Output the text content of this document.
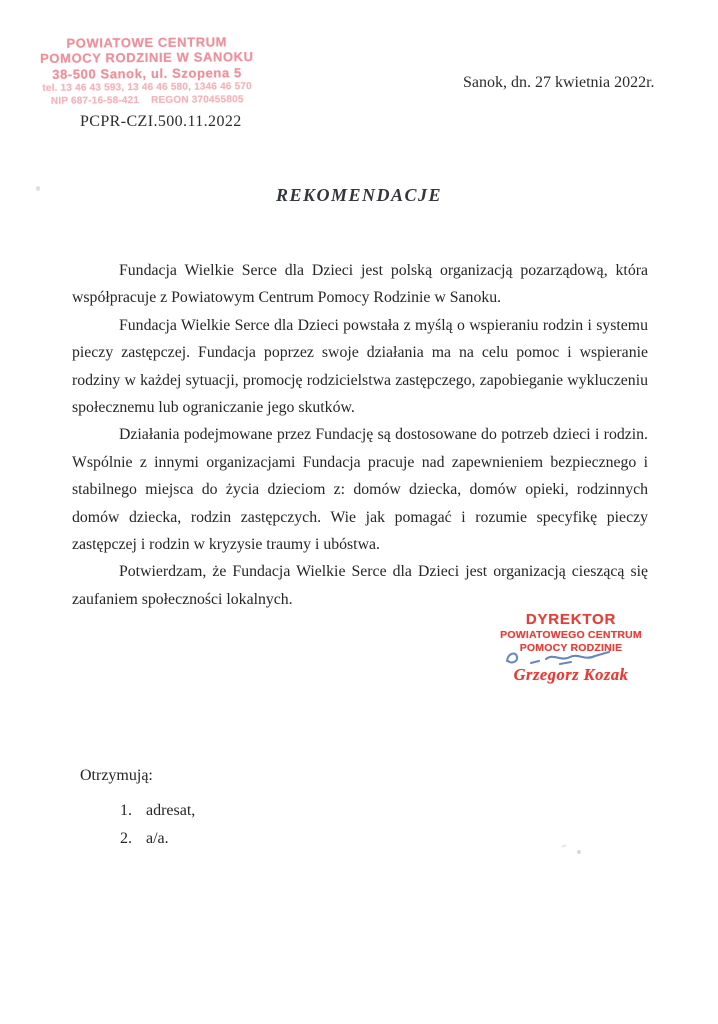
POWIATOWE CENTRUM
POMOCY RODZINIE W SANOKU
38-500 Sanok, ul. Szopena 5
tel. 13 46 43 593, 13 46 46 580, 1346 46 570
NIP 687-16-58-421    REGON 370455805
Sanok, dn. 27 kwietnia 2022r.
PCPR-CZI.500.11.2022
REKOMENDACJE

Fundacja Wielkie Serce dla Dzieci jest polską organizacją pozarządową, która współpracuje z Powiatowym Centrum Pomocy Rodzinie w Sanoku.

Fundacja Wielkie Serce dla Dzieci powstała z myślą o wspieraniu rodzin i systemu pieczy zastępczej. Fundacja poprzez swoje działania ma na celu pomoc i wspieranie rodziny w każdej sytuacji, promocję rodzicielstwa zastępczego, zapobieganie wykluczeniu społecznemu lub ograniczanie jego skutków.

Działania podejmowane przez Fundację są dostosowane do potrzeb dzieci i rodzin. Wspólnie z innymi organizacjami Fundacja pracuje nad zapewnieniem bezpiecznego i stabilnego miejsca do życia dzieciom z: domów dziecka, domów opieki, rodzinnych domów dziecka, rodzin zastępczych. Wie jak pomagać i rozumie specyfikę pieczy zastępczej i rodzin w kryzysie traumy i ubóstwa.

Potwierdzam, że Fundacja Wielkie Serce dla Dzieci jest organizacją cieszącą się zaufaniem społeczności lokalnych.

DYREKTOR
POWIATOWEGO CENTRUM
POMOCY RODZINIE
Grzegorz Kozak
Otrzymują:
1. adresat,
2. a/a.
